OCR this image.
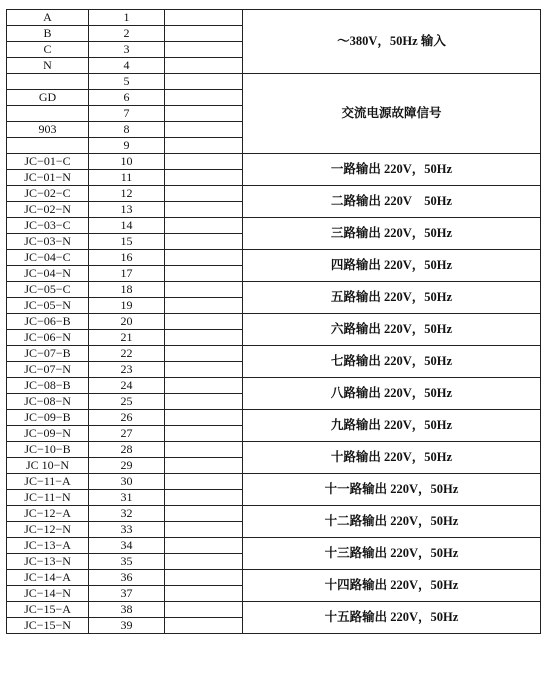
A	1		～380V，50Hz 输入
B	2		
C	3		
N	4		
	5		交流电源故障信号
GD	6		
	7		
903	8		
	9		
JC−01−C	10		一路输出 220V，50Hz
JC−01−N	11		
JC−02−C	12		二路输出 220V　50Hz
JC−02−N	13		
JC−03−C	14		三路输出 220V，50Hz
JC−03−N	15		
JC−04−C	16		四路输出 220V，50Hz
JC−04−N	17		
JC−05−C	18		五路输出 220V，50Hz
JC−05−N	19		
JC−06−B	20		六路输出 220V，50Hz
JC−06−N	21		
JC−07−B	22		七路输出 220V，50Hz
JC−07−N	23		
JC−08−B	24		八路输出 220V，50Hz
JC−08−N	25		
JC−09−B	26		九路输出 220V，50Hz
JC−09−N	27		
JC−10−B	28		十路输出 220V，50Hz
JC 10−N	29		
JC−11−A	30		十一路输出 220V，50Hz
JC−11−N	31		
JC−12−A	32		十二路输出 220V，50Hz
JC−12−N	33		
JC−13−A	34		十三路输出 220V，50Hz
JC−13−N	35		
JC−14−A	36		十四路输出 220V，50Hz
JC−14−N	37		
JC−15−A	38		十五路输出 220V，50Hz
JC−15−N	39		
